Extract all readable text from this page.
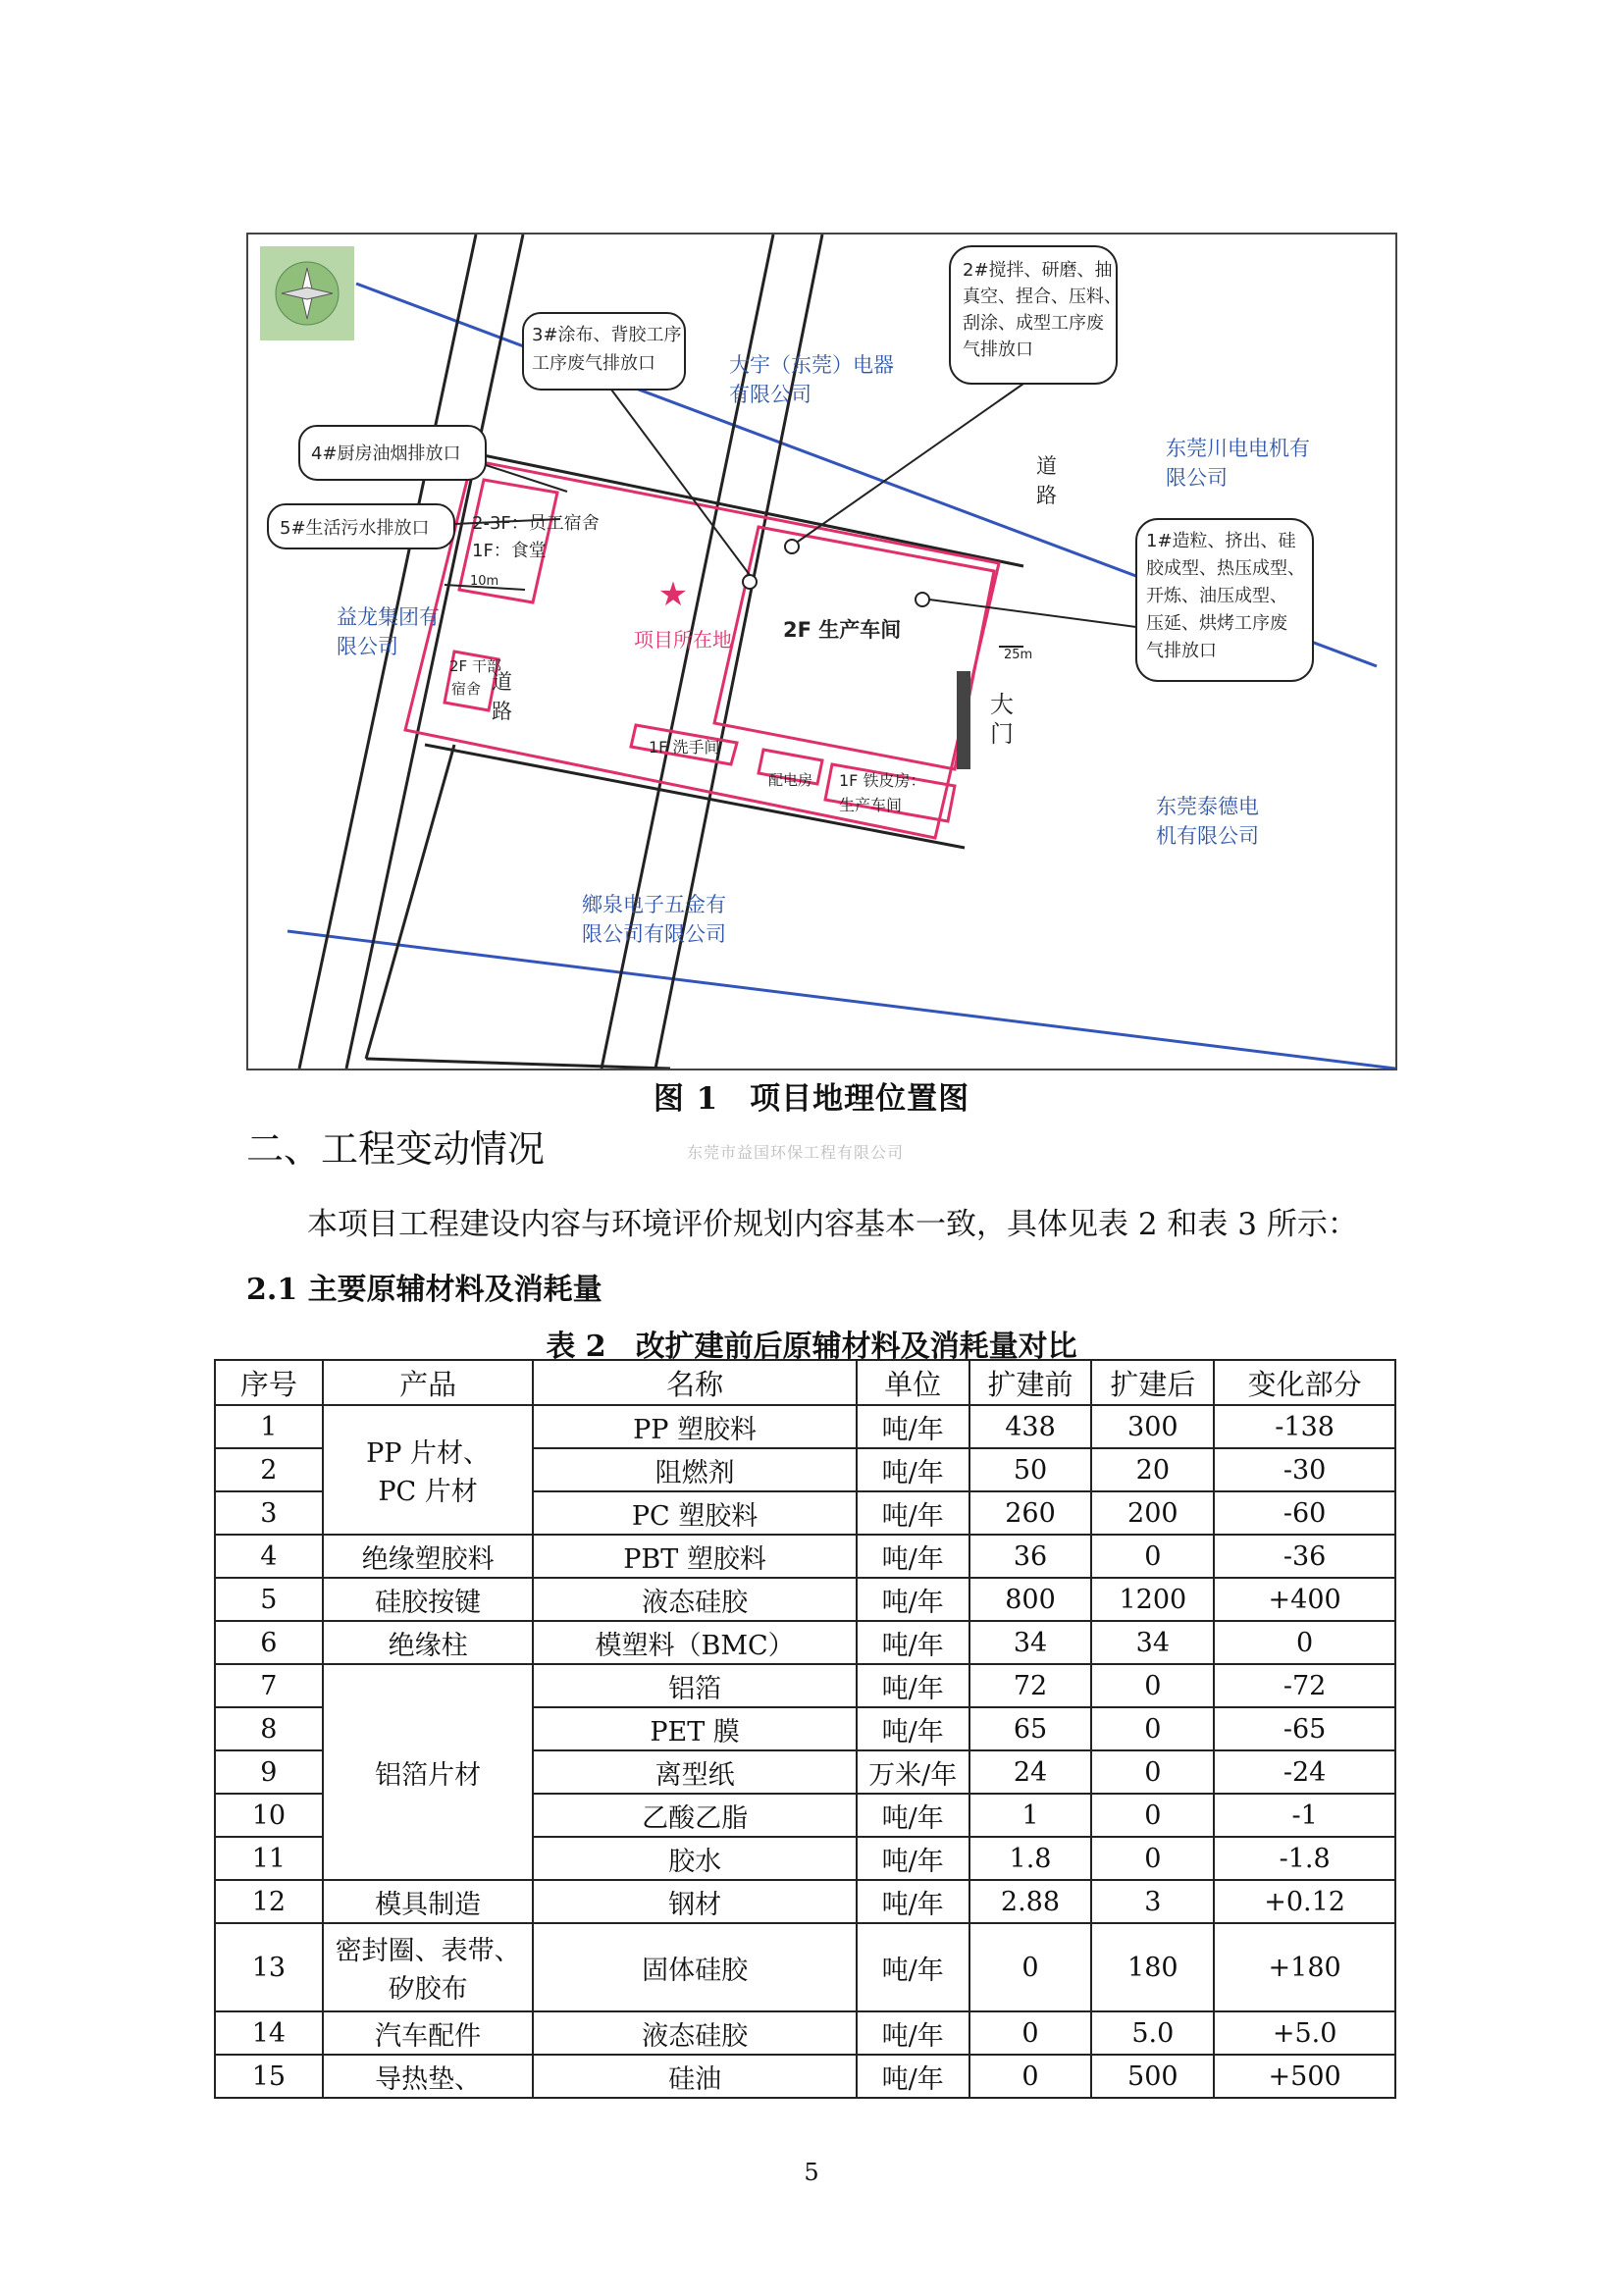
★
3#涂布、背胶工序
工序废气排放口
2#搅拌、研磨、抽
真空、捏合、压料、
刮涂、成型工序废
气排放口
4#厨房油烟排放口
5#生活污水排放口
1#造粒、挤出、硅
胶成型、热压成型、
开炼、油压成型、
压延、烘烤工序废
气排放口
大宇（东莞）电器
有限公司
东莞川电电机有
限公司
益龙集团有
限公司
东莞泰德电
机有限公司
鄉泉电子五金有
限公司有限公司
道
路
道
路
2-3F：员工宿舍
1F：食堂
项目所在地 2F 生产车间
2F 干部
宿舍
1F 洗手间
配电房 1F 铁皮房：
生产车间
大
门
10m
25m
图 1　项目地理位置图
二、工程变动情况	东莞市益国环保工程有限公司
本项目工程建设内容与环境评价规划内容基本一致，具体见表 2 和表 3 所示：
2.1 主要原辅材料及消耗量
表 2　改扩建前后原辅材料及消耗量对比
序号	产品	名称	单位	扩建前	扩建后	变化部分
1	PP 片材、
PC 片材	PP 塑胶料	吨/年	438	300	-138
2		阻燃剂	吨/年	50	20	-30
3		PC 塑胶料	吨/年	260	200	-60
4	绝缘塑胶料	PBT 塑胶料	吨/年	36	0	-36
5	硅胶按键	液态硅胶	吨/年	800	1200	+400
6	绝缘柱	模塑料（BMC）	吨/年	34	34	0
7	铝箔片材	铝箔	吨/年	72	0	-72
8		PET 膜	吨/年	65	0	-65
9		离型纸	万米/年	24	0	-24
10		乙酸乙脂	吨/年	1	0	-1
11		胶水	吨/年	1.8	0	-1.8
12	模具制造	钢材	吨/年	2.88	3	+0.12
13	密封圈、表带、
矽胶布	固体硅胶	吨/年	0	180	+180
14	汽车配件	液态硅胶	吨/年	0	5.0	+5.0
15	导热垫、	硅油	吨/年	0	500	+500
5
